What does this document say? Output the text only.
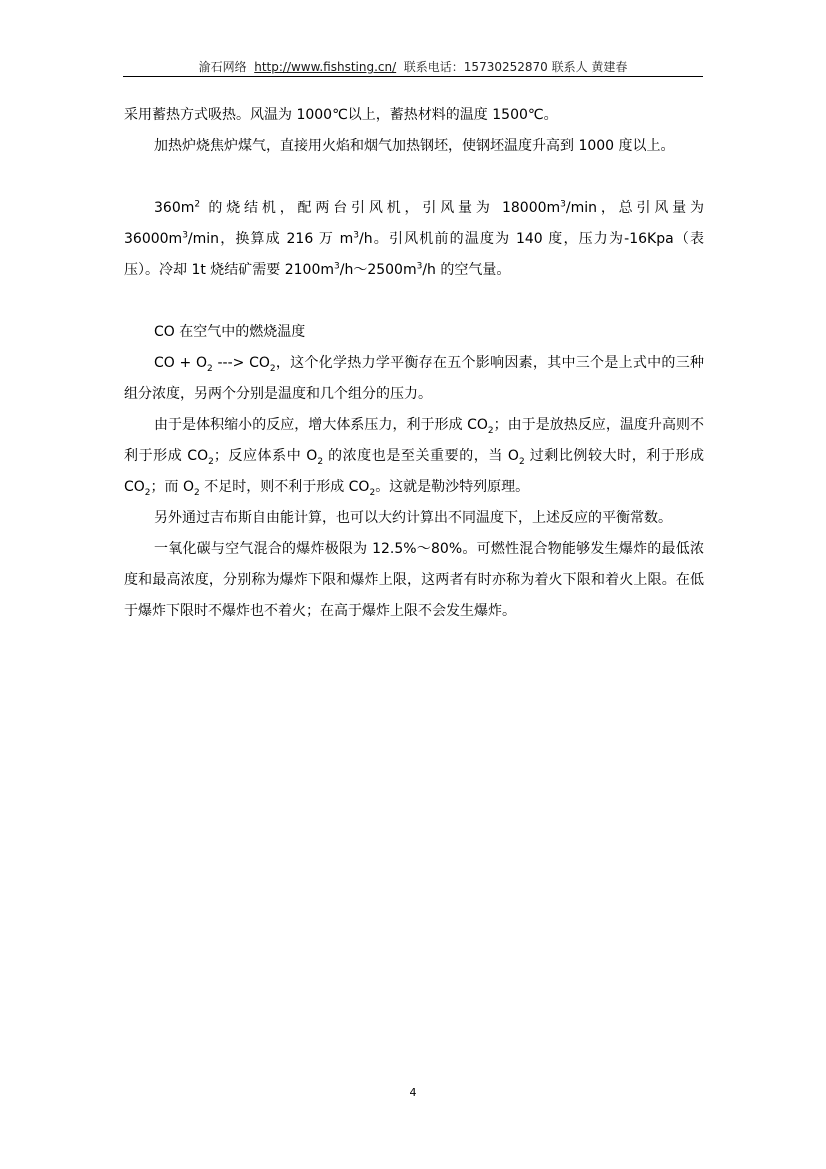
渝石网络 http://www.fishsting.cn/ 联系电话：15730252870 联系人 黄建春

采用蓄热方式吸热。风温为 1000℃以上，蓄热材料的温度 1500℃。

加热炉烧焦炉煤气，直接用火焰和烟气加热钢坯，使钢坯温度升高到 1000 度以上。

$360m^2$ 的烧结机，配两台引风机，引风量为 $18000m^3/\min$，总引风量为 $36000m^3/\min$，换算成 216 万 $m^3/h$。引风机前的温度为 140 度，压力为-16Kpa（表压）。冷却 1t 烧结矿需要 $2100m^3/h\sim 2500m^3/h$ 的空气量。

CO 在空气中的燃烧温度

CO + $O_2$ ---> $CO_2$，这个化学热力学平衡存在五个影响因素，其中三个是上式中的三种组分浓度，另两个分别是温度和几个组分的压力。

由于是体积缩小的反应，增大体系压力，利于形成 $CO_2$；由于是放热反应，温度升高则不利于形成 $CO_2$；反应体系中 $O_2$ 的浓度也是至关重要的，当 $O_2$ 过剩比例较大时，利于形成 $CO_2$；而 $O_2$ 不足时，则不利于形成 $CO_2$。这就是勒沙特列原理。

另外通过吉布斯自由能计算，也可以大约计算出不同温度下，上述反应的平衡常数。

一氧化碳与空气混合的爆炸极限为 12.5%～80%。可燃性混合物能够发生爆炸的最低浓度和最高浓度，分别称为爆炸下限和爆炸上限，这两者有时亦称为着火下限和着火上限。在低于爆炸下限时不爆炸也不着火；在高于爆炸上限不会发生爆炸。

4
